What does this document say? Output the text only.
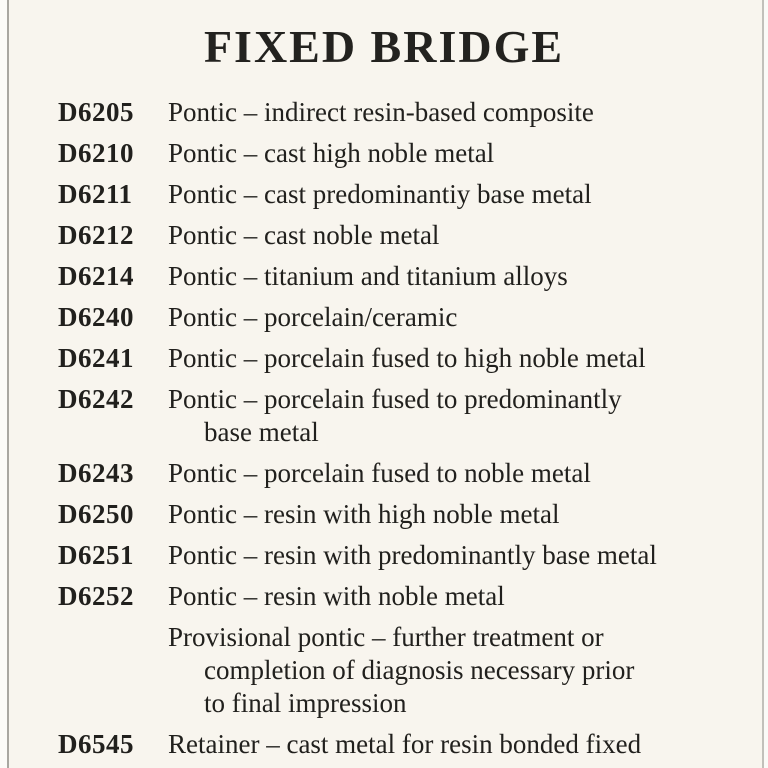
FIXED BRIDGE
D6205	Pontic – indirect resin-based composite
D6210	Pontic – cast high noble metal
D6211	Pontic – cast predominantiy base metal
D6212	Pontic – cast noble metal
D6214	Pontic – titanium and titanium alloys
D6240	Pontic – porcelain/ceramic
D6241	Pontic – porcelain fused to high noble metal
D6242	Pontic – porcelain fused to predominantly
base metal
D6243	Pontic – porcelain fused to noble metal
D6250	Pontic – resin with high noble metal
D6251	Pontic – resin with predominantly base metal
D6252	Pontic – resin with noble metal
Provisional pontic – further treatment or
completion of diagnosis necessary prior
to final impression
D6545	Retainer – cast metal for resin bonded fixed
